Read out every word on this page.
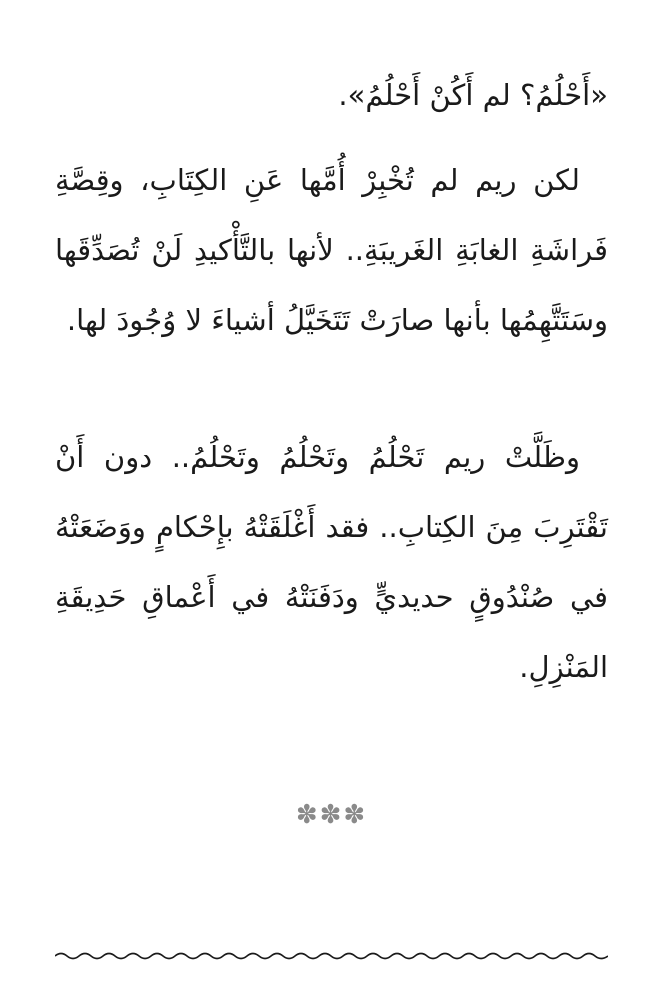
«أَحْلُمُ؟ لم أَكُنْ أَحْلُمُ».

لكن ريم لم تُخْبِرْ أُمَّها عَنِ الكِتَابِ، وقِصَّةِ فَراشَةِ الغابَةِ الغَريبَةِ.. لأنها بالتَّأْكيدِ لَنْ تُصَدِّقَها وسَتَتَّهِمُها بأنها صارَتْ تَتَخَيَّلُ أشياءَ لا وُجُودَ لها.

وظَلَّتْ ريم تَحْلُمُ وتَحْلُمُ وتَحْلُمُ.. دون أَنْ تَقْتَرِبَ مِنَ الكِتابِ.. فقد أَغْلَقَتْهُ بإِحْكامٍ ووَضَعَتْهُ في صُنْدُوقٍ حديديٍّ ودَفَنَتْهُ في أَعْماقِ حَدِيقَةِ المَنْزِلِ.

✽✽✽
